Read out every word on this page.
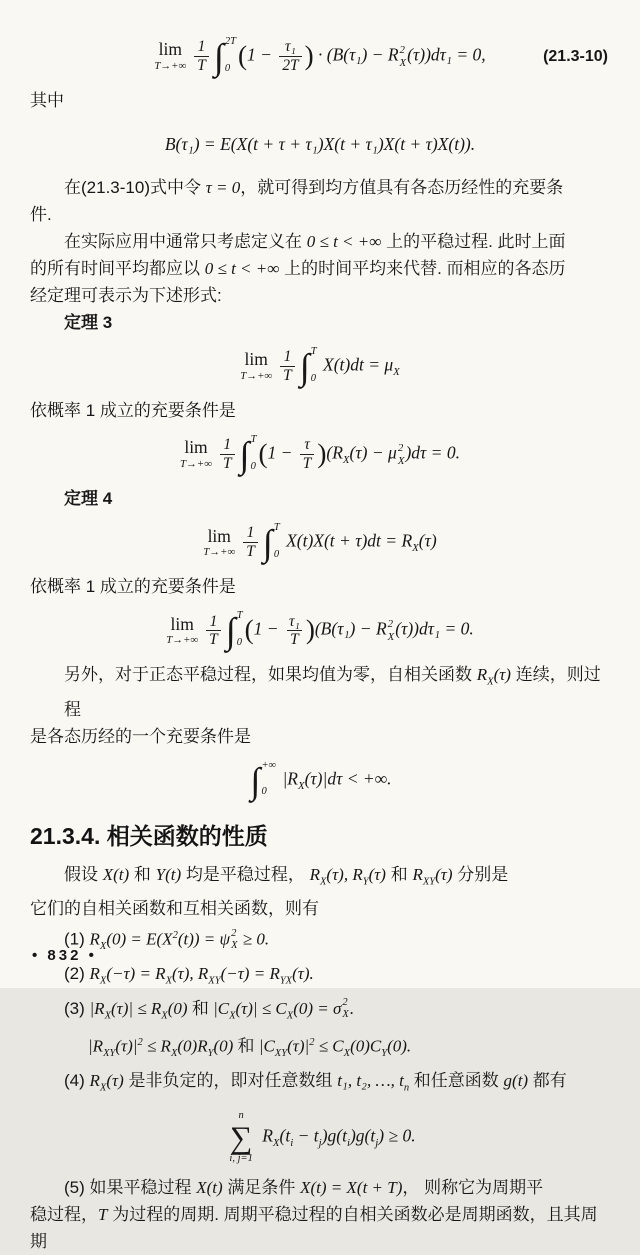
lim
$T\to+\infty \frac{1}{T}$ ∫ 2T
0 ($1 - \frac{\text{τ₁}}{2T}$ ) · (B(τ₁) − R 2
X (τ))dτ₁ = 0,	(21.3-10)
其中
B(τ₁) = E(X(t + τ + τ₁)X(t + τ₁)X(t + τ)X(t)).
在(21.3-10)式中令 τ = 0，就可得到均方值具有各态历经性的充要条
件.
在实际应用中通常只考虑定义在 0 ≤ t < +∞ 上的平稳过程. 此时上面
的所有时间平均都应以 0 ≤ t < +∞ 上的时间平均来代替. 而相应的各态历
经定理可表示为下述形式:
定理 3
lim
$T\to+\infty \frac{1}{T}$ ∫ T
0
$X(t)dt = \mu_X$
依概率 1 成立的充要条件是
lim
$T\to+\infty \frac{1}{T}$ ∫ T
0 $(1 - \frac{\tau}{T} )(R_X(\tau) - \mu$ 2
X )dτ = 0.
定理 4
lim
$T\to+\infty \frac{1}{T}$ ∫ T
0
$X(t)X(t + \tau)dt = R_X(\tau)$
依概率 1 成立的充要条件是
lim
$T\to+\infty \frac{1}{T}$ ∫ T
0 $(1 - \frac{\text{τ₁}}{T} )(B(\tau_1) - R$ 2
X (τ))dτ₁ = 0.
另外，对于正态平稳过程，如果均值为零，自相关函数 $R_X(\tau)$ 连续，则过程
是各态历经的一个充要条件是
∫ +∞
0
$|R_X(\tau)|d\tau$ < +∞.
21.3.4. 相关函数的性质
假设 X(t) 和 Y(t) 均是平稳过程， $R_X(\tau)$, $R_Y(\tau)$ 和 $R_{XY}(\tau)$ 分别是
它们的自相关函数和互相关函数，则有
(1) $R_X(0) = E(X^2(t)) = \psi$ 2
X ≥ 0.
(2) $R_X(-\tau) = R_X(\tau)$, $R_{XY}(-\tau) = R_{YX}(\tau)$.
(3) $|R_X(\tau)| \le R_X(0)$ 和 $|C_X(\tau)| \le C_X(0) = \sigma$ 2
X .
$|R_{XY}(\tau)|^2 \le R_X(0)R_Y(0)$ 和 $|C_{XY}(\tau)|^2 \le C_X(0)C_Y(0)$.
(4) $R_X(\tau)$ 是非负定的，即对任意数组 t₁, t₂, …, $t_n$ 和任意函数 g(t) 都有
n
∑
i, j=1
$R_X(t_i - t_j)g(t_i)g(t_j) \ge 0$.
(5) 如果平稳过程 X(t) 满足条件 X(t) = X(t + T)， 则称它为周期平
稳过程，T 为过程的周期. 周期平稳过程的自相关函数必是周期函数，且其周期
• 832 •
